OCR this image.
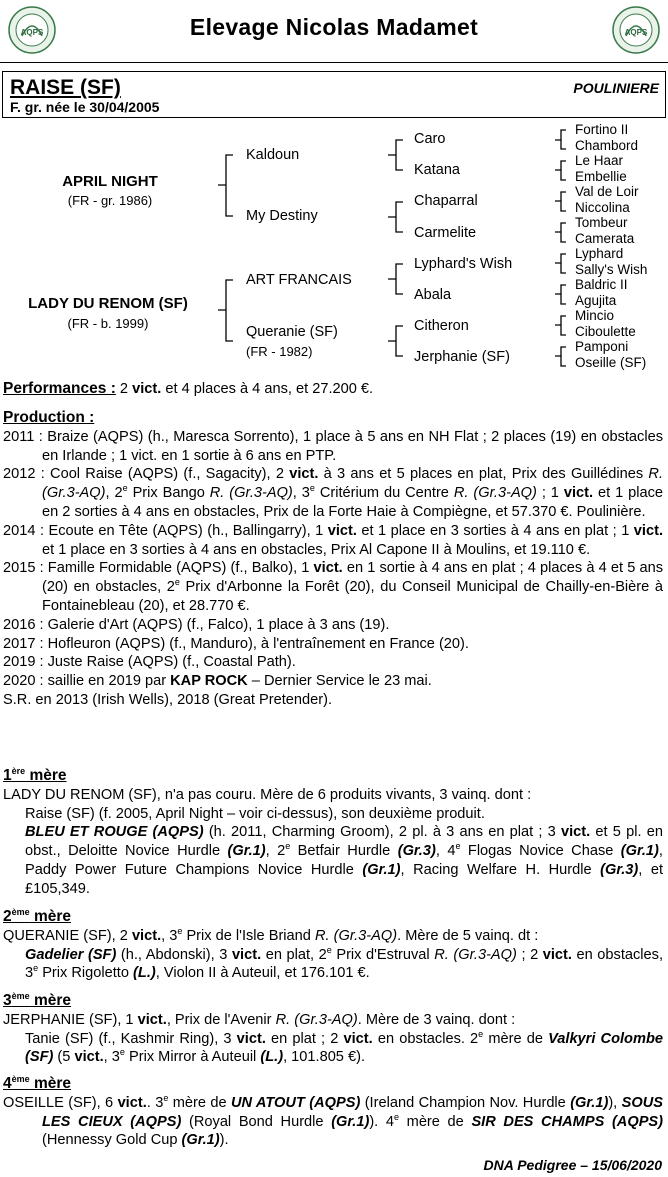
AQPS	Elevage Nicolas Madamet	AQPS
RAISE (SF)
F. gr. née le 30/04/2005
POULINIERE
APRIL NIGHT
(FR - gr. 1986)
LADY DU RENOM (SF)
(FR - b. 1999)
Kaldoun
My Destiny
ART FRANCAIS
Queranie (SF)
(FR - 1982)
Caro
Katana
Chaparral
Carmelite
Lyphard's Wish
Abala
Citheron
Jerphanie (SF)
Fortino II
Chambord
Le Haar
Embellie
Val de Loir
Niccolina
Tombeur
Camerata
Lyphard
Sally's Wish
Baldric II
Agujita
Mincio
Ciboulette
Pamponi
Oseille (SF)

Performances : 2 vict. et 4 places à 4 ans, et 27.200 €.

Production :

2011 : Braize (AQPS) (h., Maresca Sorrento), 1 place à 5 ans en NH Flat ; 2 places (19) en obstacles en Irlande ; 1 vict. en 1 sortie à 6 ans en PTP.

2012 : Cool Raise (AQPS) (f., Sagacity), 2 vict. à 3 ans et 5 places en plat, Prix des Guillédines R. (Gr.3-AQ), 2e Prix Bango R. (Gr.3-AQ), 3e Critérium du Centre R. (Gr.3-AQ) ; 1 vict. et 1 place en 2 sorties à 4 ans en obstacles, Prix de la Forte Haie à Compiègne, et 57.370 €. Poulinière.

2014 : Ecoute en Tête (AQPS) (h., Ballingarry), 1 vict. et 1 place en 3 sorties à 4 ans en plat ; 1 vict. et 1 place en 3 sorties à 4 ans en obstacles, Prix Al Capone II à Moulins, et 19.110 €.

2015 : Famille Formidable (AQPS) (f., Balko), 1 vict. en 1 sortie à 4 ans en plat ; 4 places à 4 et 5 ans (20) en obstacles, 2e Prix d'Arbonne la Forêt (20), du Conseil Municipal de Chailly-en-Bière à Fontainebleau (20), et 28.770 €.

2016 : Galerie d'Art (AQPS) (f., Falco), 1 place à 3 ans (19).

2017 : Hofleuron (AQPS) (f., Manduro), à l'entraînement en France (20).

2019 : Juste Raise (AQPS) (f., Coastal Path).

2020 : saillie en 2019 par KAP ROCK – Dernier Service le 23 mai.

S.R. en 2013 (Irish Wells), 2018 (Great Pretender).

1ère mère

LADY DU RENOM (SF), n'a pas couru. Mère de 6 produits vivants, 3 vainq. dont :

Raise (SF) (f. 2005, April Night – voir ci-dessus), son deuxième produit.

BLEU ET ROUGE (AQPS) (h. 2011, Charming Groom), 2 pl. à 3 ans en plat ; 3 vict. et 5 pl. en obst., Deloitte Novice Hurdle (Gr.1), 2e Betfair Hurdle (Gr.3), 4e Flogas Novice Chase (Gr.1), Paddy Power Future Champions Novice Hurdle (Gr.1), Racing Welfare H. Hurdle (Gr.3), et £105,349.

2ème mère

QUERANIE (SF), 2 vict., 3e Prix de l'Isle Briand R. (Gr.3-AQ). Mère de 5 vainq. dt :

Gadelier (SF) (h., Abdonski), 3 vict. en plat, 2e Prix d'Estruval R. (Gr.3-AQ) ; 2 vict. en obstacles, 3e Prix Rigoletto (L.), Violon II à Auteuil, et 176.101 €.

3ème mère

JERPHANIE (SF), 1 vict., Prix de l'Avenir R. (Gr.3-AQ). Mère de 3 vainq. dont :

Tanie (SF) (f., Kashmir Ring), 3 vict. en plat ; 2 vict. en obstacles. 2e mère de Valkyri Colombe (SF) (5 vict., 3e Prix Mirror à Auteuil (L.), 101.805 €).

4ème mère

OSEILLE (SF), 6 vict.. 3e mère de UN ATOUT (AQPS) (Ireland Champion Nov. Hurdle (Gr.1)), SOUS LES CIEUX (AQPS) (Royal Bond Hurdle (Gr.1)). 4e mère de SIR DES CHAMPS (AQPS) (Hennessy Gold Cup (Gr.1)).

DNA Pedigree – 15/06/2020
